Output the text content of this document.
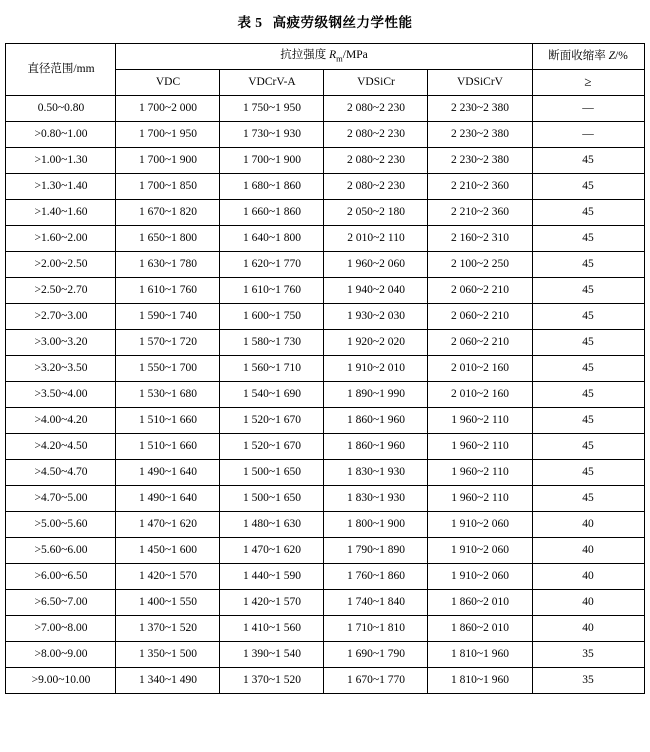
表 5 高疲劳级钢丝力学性能
直径范围/mm	抗拉强度 $R_m$/MPa				断面收缩率 Z/%
	VDC	VDCrV-A	VDSiCr	VDSiCrV	≥
0.50~0.80	1 700~2 000	1 750~1 950	2 080~2 230	2 230~2 380	—
>0.80~1.00	1 700~1 950	1 730~1 930	2 080~2 230	2 230~2 380	—
>1.00~1.30	1 700~1 900	1 700~1 900	2 080~2 230	2 230~2 380	45
>1.30~1.40	1 700~1 850	1 680~1 860	2 080~2 230	2 210~2 360	45
>1.40~1.60	1 670~1 820	1 660~1 860	2 050~2 180	2 210~2 360	45
>1.60~2.00	1 650~1 800	1 640~1 800	2 010~2 110	2 160~2 310	45
>2.00~2.50	1 630~1 780	1 620~1 770	1 960~2 060	2 100~2 250	45
>2.50~2.70	1 610~1 760	1 610~1 760	1 940~2 040	2 060~2 210	45
>2.70~3.00	1 590~1 740	1 600~1 750	1 930~2 030	2 060~2 210	45
>3.00~3.20	1 570~1 720	1 580~1 730	1 920~2 020	2 060~2 210	45
>3.20~3.50	1 550~1 700	1 560~1 710	1 910~2 010	2 010~2 160	45
>3.50~4.00	1 530~1 680	1 540~1 690	1 890~1 990	2 010~2 160	45
>4.00~4.20	1 510~1 660	1 520~1 670	1 860~1 960	1 960~2 110	45
>4.20~4.50	1 510~1 660	1 520~1 670	1 860~1 960	1 960~2 110	45
>4.50~4.70	1 490~1 640	1 500~1 650	1 830~1 930	1 960~2 110	45
>4.70~5.00	1 490~1 640	1 500~1 650	1 830~1 930	1 960~2 110	45
>5.00~5.60	1 470~1 620	1 480~1 630	1 800~1 900	1 910~2 060	40
>5.60~6.00	1 450~1 600	1 470~1 620	1 790~1 890	1 910~2 060	40
>6.00~6.50	1 420~1 570	1 440~1 590	1 760~1 860	1 910~2 060	40
>6.50~7.00	1 400~1 550	1 420~1 570	1 740~1 840	1 860~2 010	40
>7.00~8.00	1 370~1 520	1 410~1 560	1 710~1 810	1 860~2 010	40
>8.00~9.00	1 350~1 500	1 390~1 540	1 690~1 790	1 810~1 960	35
>9.00~10.00	1 340~1 490	1 370~1 520	1 670~1 770	1 810~1 960	35
